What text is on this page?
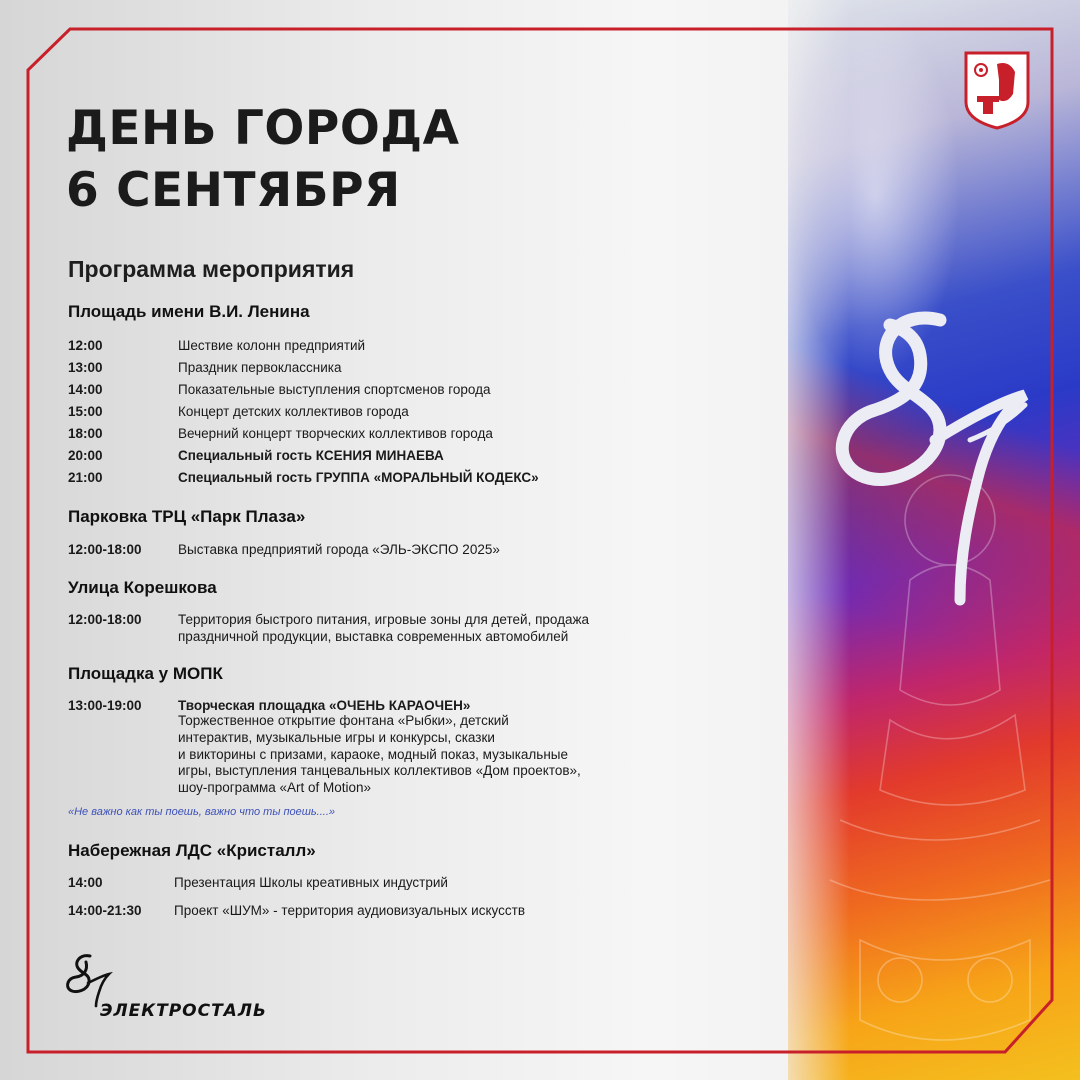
ДЕНЬ ГОРОДА
6 СЕНТЯБРЯ
Программа мероприятия
Площадь имени В.И. Ленина
12:00	Шествие колонн предприятий
13:00	Праздник первоклассника
14:00	Показательные выступления спортсменов города
15:00	Концерт детских коллективов города
18:00	Вечерний концерт творческих коллективов города
20:00	Специальный гость КСЕНИЯ МИНАЕВА
21:00	Специальный гость ГРУППА «МОРАЛЬНЫЙ КОДЕКС»
Парковка ТРЦ «Парк Плаза»
12:00-18:00	Выставка предприятий города «ЭЛЬ-ЭКСПО 2025»
Улица Корешкова
12:00-18:00	Территория быстрого питания, игровые зоны для детей, продажа
праздничной продукции, выставка современных автомобилей
Площадка у МОПК
13:00-19:00	Творческая площадка «ОЧЕНЬ КАРАОЧЕН»
Торжественное открытие фонтана «Рыбки», детский
интерактив, музыкальные игры и конкурсы, сказки
и викторины с призами, караоке, модный показ, музыкальные
игры, выступления танцевальных коллективов «Дом проектов»,
шоу-программа «Art of Motion»
«Не важно как ты поешь, важно что ты поешь....»
Набережная ЛДС «Кристалл»
14:00	Презентация Школы креативных индустрий
14:00-21:30 Проект «ШУМ» - территория аудиовизуальных искусств
ЭЛЕКТРОСТАЛЬ
